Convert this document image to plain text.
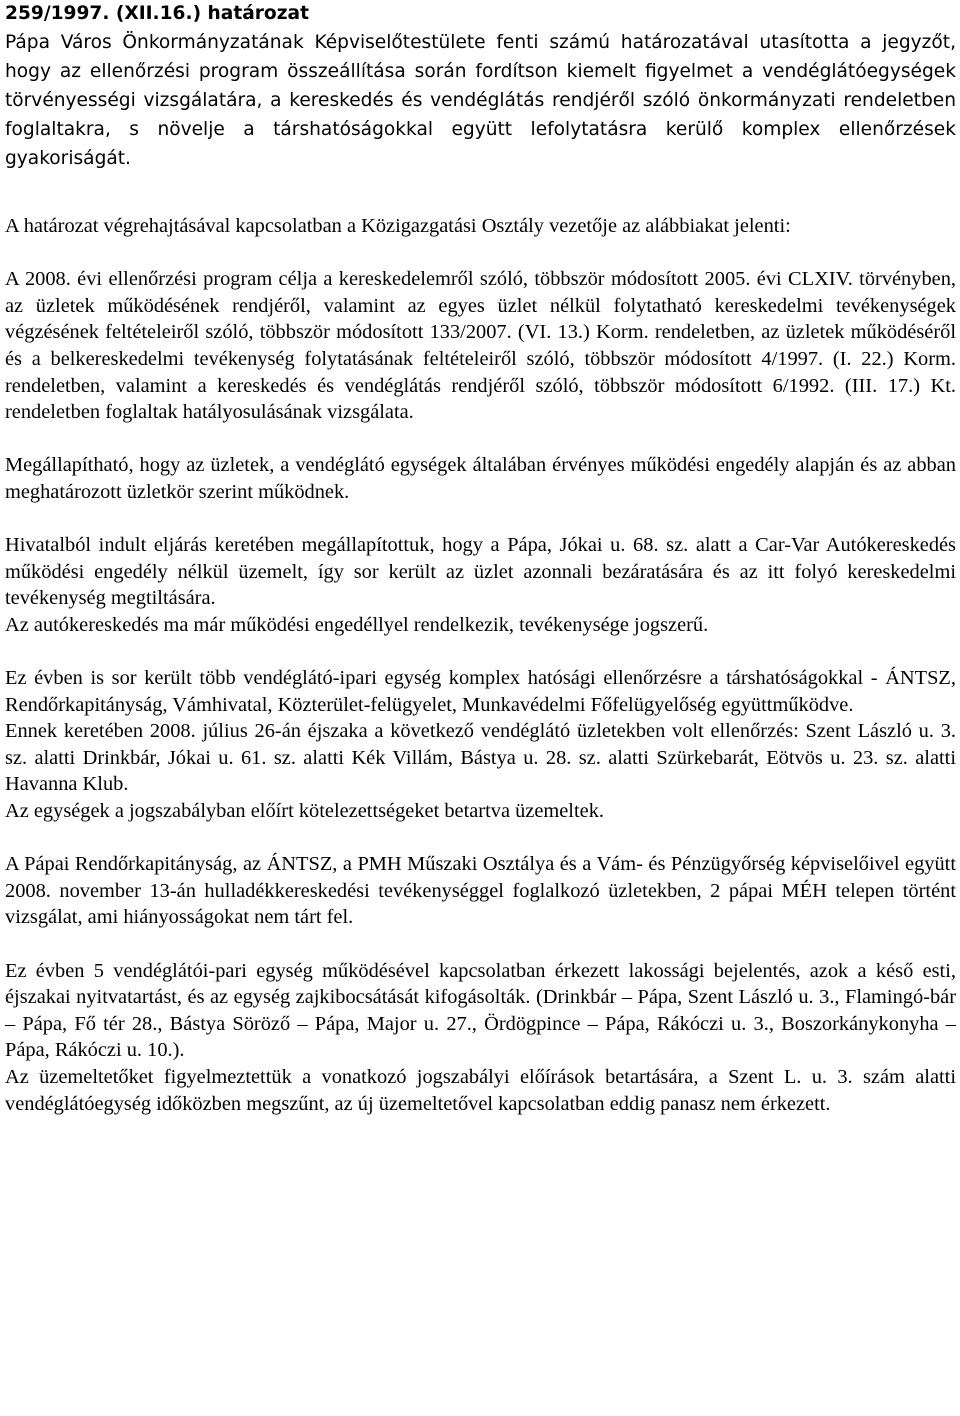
259/1997. (XII.16.) határozat

Pápa Város Önkormányzatának Képviselőtestülete fenti számú határozatával utasította a jegyzőt, hogy az ellenőrzési program összeállítása során fordítson kiemelt figyelmet a vendéglátóegységek törvényességi vizsgálatára, a kereskedés és vendéglátás rendjéről szóló önkormányzati rendeletben foglaltakra, s növelje a társhatóságokkal együtt lefolytatásra kerülő komplex ellenőrzések gyakoriságát.

A határozat végrehajtásával kapcsolatban a Közigazgatási Osztály vezetője az alábbiakat jelenti:

A 2008. évi ellenőrzési program célja a kereskedelemről szóló, többször módosított 2005. évi CLXIV. törvényben, az üzletek működésének rendjéről, valamint az egyes üzlet nélkül folytatható kereskedelmi tevékenységek végzésének feltételeiről szóló, többször módosított 133/2007. (VI. 13.) Korm. rendeletben, az üzletek működéséről és a belkereskedelmi tevékenység folytatásának feltételeiről szóló, többször módosított 4/1997. (I. 22.) Korm. rendeletben, valamint a kereskedés és vendéglátás rendjéről szóló, többször módosított 6/1992. (III. 17.) Kt. rendeletben foglaltak hatályosulásának vizsgálata.

Megállapítható, hogy az üzletek, a vendéglátó egységek általában érvényes működési engedély alapján és az abban meghatározott üzletkör szerint működnek.

Hivatalból indult eljárás keretében megállapítottuk, hogy a Pápa, Jókai u. 68. sz. alatt a Car-Var Autókereskedés működési engedély nélkül üzemelt, így sor került az üzlet azonnali bezáratására és az itt folyó kereskedelmi tevékenység megtiltására.

Az autókereskedés ma már működési engedéllyel rendelkezik, tevékenysége jogszerű.

Ez évben is sor került több vendéglátó-ipari egység komplex hatósági ellenőrzésre a társhatóságokkal - ÁNTSZ, Rendőrkapitányság, Vámhivatal, Közterület-felügyelet, Munkavédelmi Főfelügyelőség együttműködve.

Ennek keretében 2008. július 26-án éjszaka a következő vendéglátó üzletekben volt ellenőrzés: Szent László u. 3. sz. alatti Drinkbár, Jókai u. 61. sz. alatti Kék Villám, Bástya u. 28. sz. alatti Szürkebarát, Eötvös u. 23. sz. alatti Havanna Klub.

Az egységek a jogszabályban előírt kötelezettségeket betartva üzemeltek.

A Pápai Rendőrkapitányság, az ÁNTSZ, a PMH Műszaki Osztálya és a Vám- és Pénzügyőrség képviselőivel együtt 2008. november 13-án hulladékkereskedési tevékenységgel foglalkozó üzletekben, 2 pápai MÉH telepen történt vizsgálat, ami hiányosságokat nem tárt fel.

Ez évben 5 vendéglátói-pari egység működésével kapcsolatban érkezett lakossági bejelentés, azok a késő esti, éjszakai nyitvatartást, és az egység zajkibocsátását kifogásolták. (Drinkbár – Pápa, Szent László u. 3., Flamingó-bár – Pápa, Fő tér 28., Bástya Söröző – Pápa, Major u. 27., Ördögpince – Pápa, Rákóczi u. 3., Boszorkánykonyha – Pápa, Rákóczi u. 10.).

Az üzemeltetőket figyelmeztettük a vonatkozó jogszabályi előírások betartására, a Szent L. u. 3. szám alatti vendéglátóegység időközben megszűnt, az új üzemeltetővel kapcsolatban eddig panasz nem érkezett.
